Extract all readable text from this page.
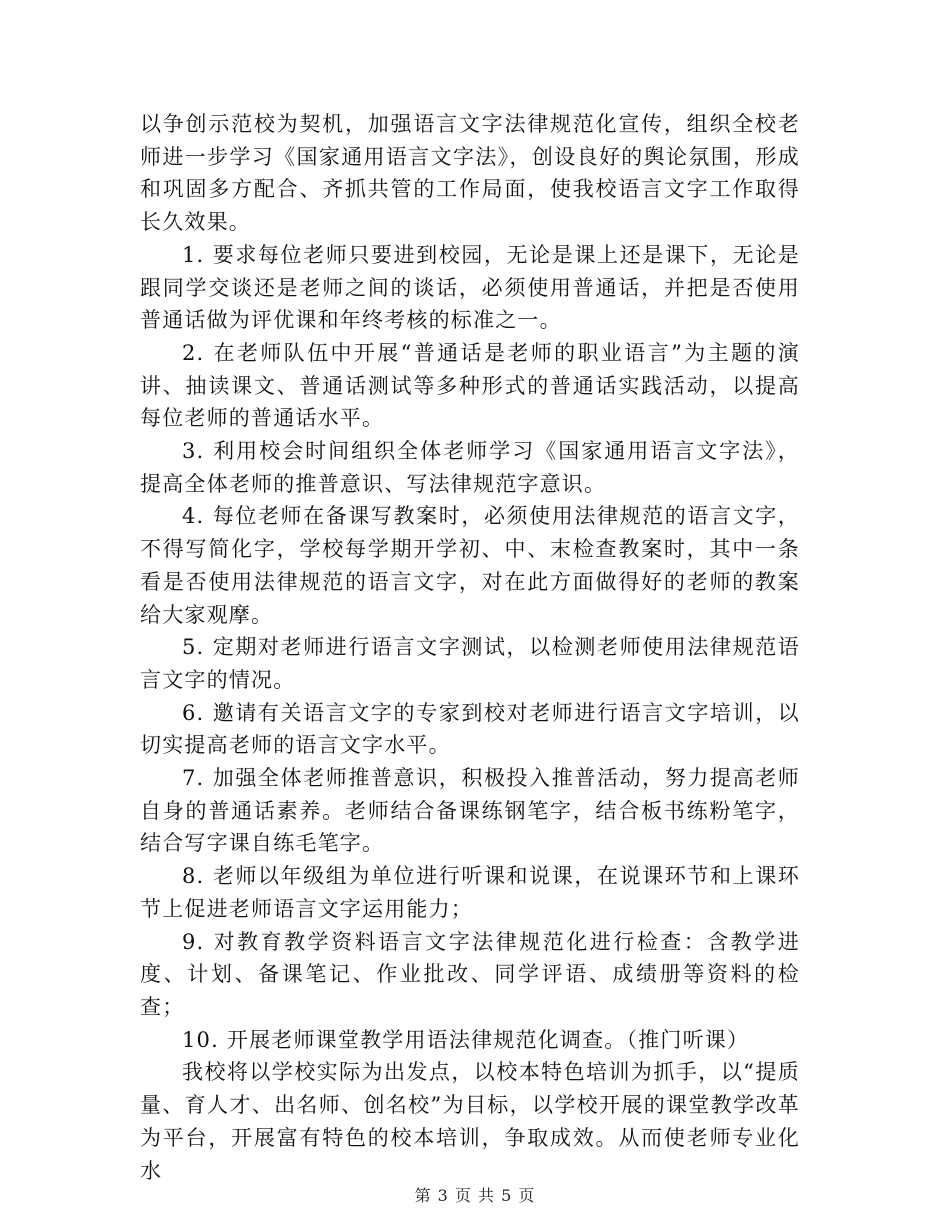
以争创示范校为契机，加强语言文字法律规范化宣传，组织全校老师进一步学习《国家通用语言文字法》，创设良好的舆论氛围，形成和巩固多方配合、齐抓共管的工作局面，使我校语言文字工作取得长久效果。

1. 要求每位老师只要进到校园，无论是课上还是课下，无论是跟同学交谈还是老师之间的谈话，必须使用普通话，并把是否使用普通话做为评优课和年终考核的标准之一。

2. 在老师队伍中开展“普通话是老师的职业语言”为主题的演讲、抽读课文、普通话测试等多种形式的普通话实践活动，以提高每位老师的普通话水平。

3. 利用校会时间组织全体老师学习《国家通用语言文字法》，提高全体老师的推普意识、写法律规范字意识。

4. 每位老师在备课写教案时，必须使用法律规范的语言文字，不得写简化字，学校每学期开学初、中、末检查教案时，其中一条看是否使用法律规范的语言文字，对在此方面做得好的老师的教案给大家观摩。

5. 定期对老师进行语言文字测试，以检测老师使用法律规范语言文字的情况。

6. 邀请有关语言文字的专家到校对老师进行语言文字培训，以切实提高老师的语言文字水平。

7. 加强全体老师推普意识，积极投入推普活动，努力提高老师自身的普通话素养。老师结合备课练钢笔字，结合板书练粉笔字，结合写字课自练毛笔字。

8. 老师以年级组为单位进行听课和说课，在说课环节和上课环节上促进老师语言文字运用能力；

9. 对教育教学资料语言文字法律规范化进行检查：含教学进度、计划、备课笔记、作业批改、同学评语、成绩册等资料的检查；

10. 开展老师课堂教学用语法律规范化调查。（推门听课）

我校将以学校实际为出发点，以校本特色培训为抓手，以“提质量、育人才、出名师、创名校”为目标，以学校开展的课堂教学改革为平台，开展富有特色的校本培训，争取成效。从而使老师专业化水

第 3 页 共 5 页
